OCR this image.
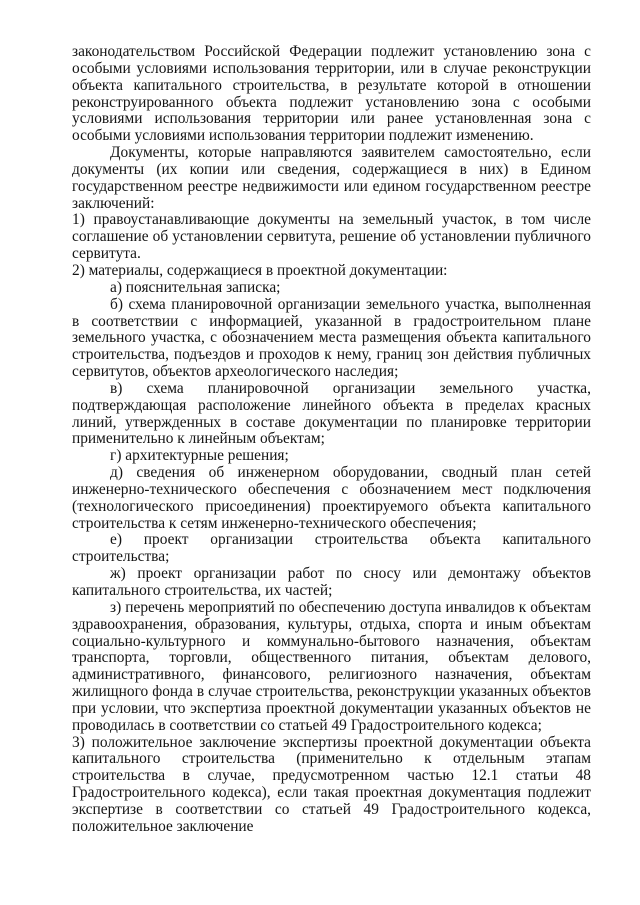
законодательством Российской Федерации подлежит установлению зона с особыми условиями использования территории, или в случае реконструкции объекта капитального строительства, в результате которой в отношении реконструированного объекта подлежит установлению зона с особыми условиями использования территории или ранее установленная зона с особыми условиями использования территории подлежит изменению.

Документы, которые направляются заявителем самостоятельно, если документы (их копии или сведения, содержащиеся в них) в Едином государственном реестре недвижимости или едином государственном реестре заключений:

1) правоустанавливающие документы на земельный участок, в том числе соглашение об установлении сервитута, решение об установлении публичного сервитута.

2) материалы, содержащиеся в проектной документации:

а) пояснительная записка;

б) схема планировочной организации земельного участка, выполненная в соответствии с информацией, указанной в градостроительном плане земельного участка, с обозначением места размещения объекта капитального строительства, подъездов и проходов к нему, границ зон действия публичных сервитутов, объектов археологического наследия;

в) схема планировочной организации земельного участка, подтверждающая расположение линейного объекта в пределах красных линий, утвержденных в составе документации по планировке территории применительно к линейным объектам;

г) архитектурные решения;

д) сведения об инженерном оборудовании, сводный план сетей инженерно-технического обеспечения с обозначением мест подключения (технологического присоединения) проектируемого объекта капитального строительства к сетям инженерно-технического обеспечения;

е) проект организации строительства объекта капитального строительства;

ж) проект организации работ по сносу или демонтажу объектов капитального строительства, их частей;

з) перечень мероприятий по обеспечению доступа инвалидов к объектам здравоохранения, образования, культуры, отдыха, спорта и иным объектам социально-культурного и коммунально-бытового назначения, объектам транспорта, торговли, общественного питания, объектам делового, административного, финансового, религиозного назначения, объектам жилищного фонда в случае строительства, реконструкции указанных объектов при условии, что экспертиза проектной документации указанных объектов не проводилась в соответствии со статьей 49 Градостроительного кодекса;

3) положительное заключение экспертизы проектной документации объекта капитального строительства (применительно к отдельным этапам строительства в случае, предусмотренном частью 12.1 статьи 48 Градостроительного кодекса), если такая проектная документация подлежит экспертизе в соответствии со статьей 49 Градостроительного кодекса, положительное заключение
